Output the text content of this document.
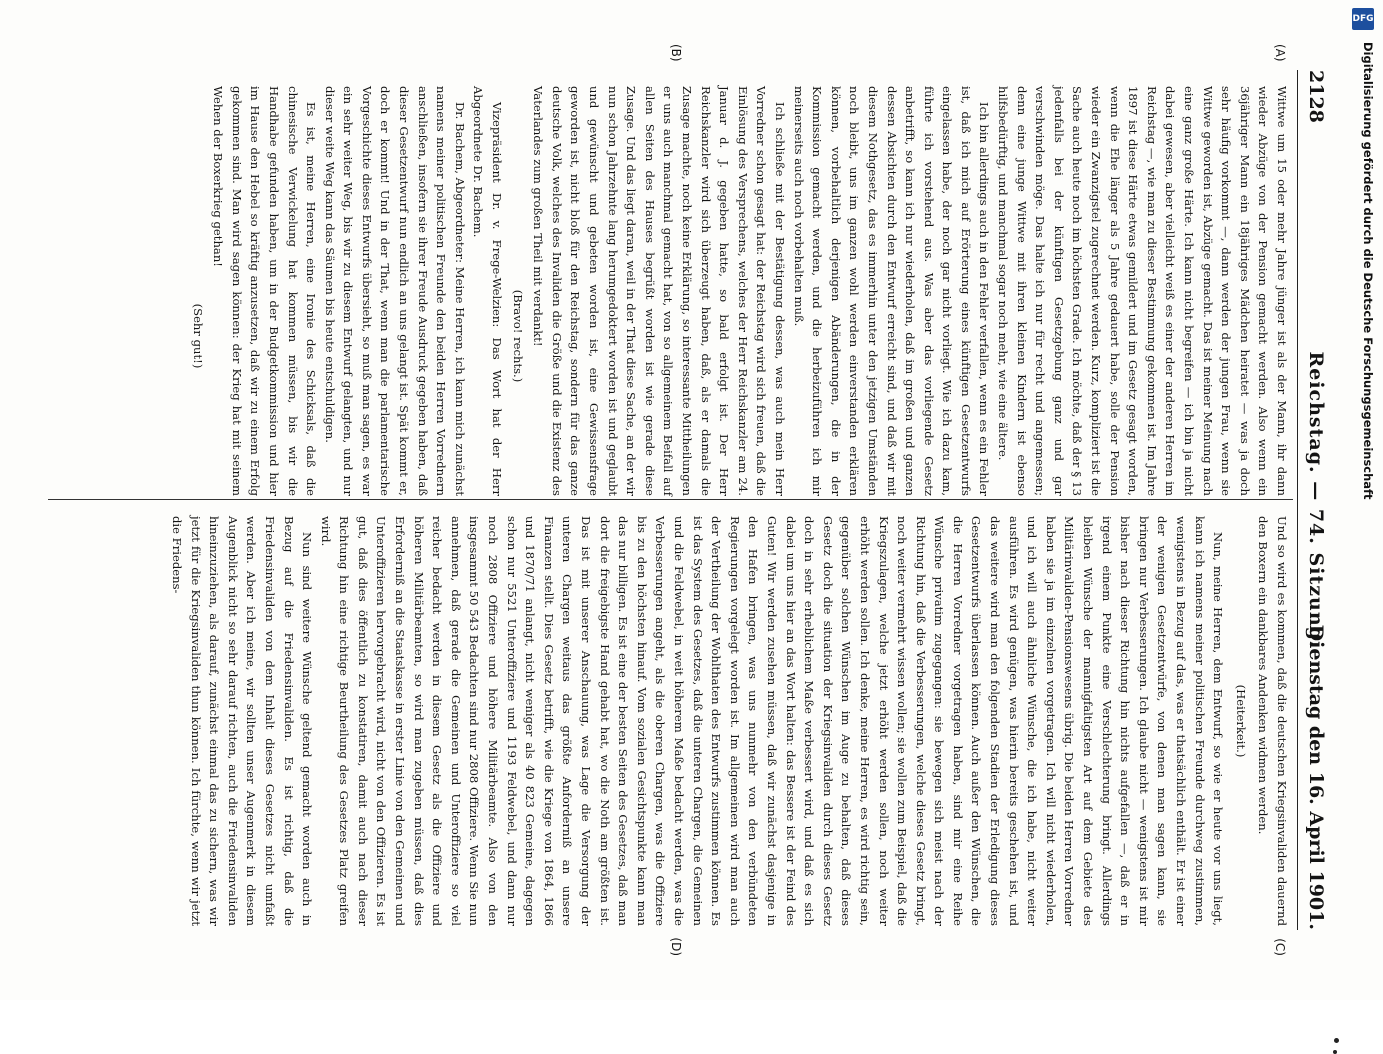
2128
Reichstag. — 74. Sitzung.
Dienstag den 16. April 1901.
(A)
(B)
(C)
(D)

Wittwe um 15 oder mehr Jahre jünger ist als der Mann, ihr dann wieder Abzüge von der Pension gemacht werden. Also wenn ein 36jähriger Mann ein 18jähriges Mädchen heiratet — was ja doch sehr häufig vorkommt —, dann werden der jungen Frau, wenn sie Wittwe geworden ist, Abzüge gemacht. Das ist meiner Meinung nach eine ganz große Härte. Ich kann nicht begreifen — ich bin ja nicht dabei gewesen, aber vielleicht weiß es einer der anderen Herren im Reichstag —, wie man zu dieser Bestimmung gekommen ist. Im Jahre 1897 ist diese Härte etwas gemildert und im Gesetz gesagt worden, wenn die Ehe länger als 5 Jahre gedauert habe, solle der Pension wieder ein Zwanzigstel zugerechnet werden. Kurz, kompliziert ist die Sache auch heute noch im höchsten Grade. Ich möchte, daß der § 13 jedenfalls bei der künftigen Gesetzgebung ganz und gar verschwinden möge. Das halte ich nur für recht und angemessen; denn eine junge Wittwe mit ihren kleinen Kindern ist ebenso hilfsbedürftig, und manchmal sogar noch mehr, wie eine ältere.

Ich bin allerdings auch in den Fehler verfallen, wenn es ein Fehler ist, daß ich mich auf Erörterung eines künftigen Gesetzentwurfs eingelassen habe, der noch gar nicht vorliegt. Wie ich dazu kam, führte ich vorstehend aus. Was aber das vorliegende Gesetz anbetrifft, so kann ich nur wiederholen, daß im großen und ganzen dessen Absichten durch den Entwurf erreicht sind, und daß wir mit diesem Nothgesetz, das es immerhin unter den jetzigen Umständen noch bleibt, uns im ganzen wohl werden einverstanden erklären können, vorbehaltlich derjenigen Abänderungen, die in der Kommission gemacht werden, und die herbeizuführen ich mir meinerseits auch noch vorbehalten muß.

Ich schließe mit der Bestätigung dessen, was auch mein Herr Vorredner schon gesagt hat: der Reichstag wird sich freuen, daß die Einlösung des Versprechens, welches der Herr Reichskanzler am 24. Januar d. J. gegeben hatte, so bald erfolgt ist. Der Herr Reichskanzler wird sich überzeugt haben, daß, als er damals die Zusage machte, noch keine Erklärung, so interessante Mittheilungen er uns auch manchmal gemacht hat, von so allgemeinem Beifall auf allen Seiten des Hauses begrüßt worden ist wie gerade diese Zusage. Und das liegt daran, weil in der That diese Sache, an der wir nun schon Jahrzehnte lang herumgedoktert worden ist und geglaubt und gewünscht und gebeten worden ist, eine Gewissensfrage geworden ist, nicht bloß für den Reichstag, sondern für das ganze deutsche Volk, welches des Invaliden die Größe und die Existenz des Vaterlandes zum großen Theil mit verdankt!

(Bravo! rechts.)

Vizepräsident Dr. v. Frege-Welzien: Das Wort hat der Herr Abgeordnete Dr. Bachem.

Dr. Bachem, Abgeordneter: Meine Herren, ich kann mich zunächst namens meiner politischen Freunde den beiden Herren Vorrednern anschließen, insofern sie ihrer Freude Ausdruck gegeben haben, daß dieser Gesetzentwurf nun endlich an uns gelangt ist. Spät kommt er, doch er kommt! Und in der That, wenn man die parlamentarische Vorgeschichte dieses Entwurfs übersieht, so muß man sagen, es war ein sehr weiter Weg, bis wir zu diesem Entwurf gelangten, und nur dieser weite Weg kann das Säumen bis heute entschuldigen.

Es ist, meine Herren, eine Ironie des Schicksals, daß die chinesische Verwickelung hat kommen müssen, bis wir die Handhabe gefunden haben, um in der Budgetkommission und hier im Hause den Hebel so kräftig anzusetzen, daß wir zu einem Erfolg gekommen sind. Man wird sagen können: der Krieg hat mit seinem Wehen der Boxerkrieg gethan!

(Sehr gut!)

Und so wird es kommen, daß die deutschen Kriegsinvaliden dauernd den Boxern ein dankbares Andenken widmen werden.

(Heiterkeit.)

Nun, meine Herren, dem Entwurf, so wie er heute vor uns liegt, kann ich namens meiner politischen Freunde durchweg zustimmen, wenigstens in Bezug auf das, was er thatsächlich enthält. Er ist einer der wenigen Gesetzentwürfe, von denen man sagen kann, sie bringen nur Verbesserungen. Ich glaube nicht — wenigstens ist mir bisher nach dieser Richtung hin nichts aufgefallen —, daß er in irgend einem Punkte eine Verschlechterung bringt. Allerdings bleiben Wünsche der mannigfaltigsten Art auf dem Gebiete des Militärinvaliden-Pensionswesens übrig. Die beiden Herren Vorredner haben sie ja im einzelnen vorgetragen. Ich will nicht wiederholen, und ich will auch ähnliche Wünsche, die ich habe, nicht weiter ausführen. Es wird genügen, was hierin bereits geschehen ist, und das weitere wird man den folgenden Stadien der Erledigung dieses Gesetzentwurfs überlassen können. Auch außer den Wünschen, die die Herren Vorredner vorgetragen haben, sind mir eine Reihe Wünsche privatim zugegangen: sie bewegen sich meist nach der Richtung hin, daß die Verbesserungen, welche dieses Gesetz bringt, noch weiter vermehrt wissen wollen; sie wollen zum Beispiel, daß die Kriegszulagen, welche jetzt erhöht werden sollen, noch weiter erhöht werden sollen. Ich denke, meine Herren, es wird richtig sein, gegenüber solchen Wünschen im Auge zu behalten, daß dieses Gesetz doch die situation der Kriegsinvaliden durch dieses Gesetz doch in sehr erheblichem Maße verbessert wird, und daß es sich dabei um uns hier an das Wort halten: das Bessere ist der Feind des Guten! Wir werden zusehen müssen, daß wir zunächst dasjenige in den Hafen bringen, was uns nunmehr von den verbündeten Regierungen vorgelegt worden ist. Im allgemeinen wird man auch der Vertheilung der Wohlthaten des Entwurfs zustimmen können. Es ist das System des Gesetzes, daß die unteren Chargen, die Gemeinen und die Feldwebel, in weit höherem Maße bedacht werden, was die Verbesserungen angeht, als die oberen Chargen, was die Offiziere bis zu den höchsten hinauf. Vom sozialen Gesichtspunkte kann man das nur billigen. Es ist eine der besten Seiten des Gesetzes, daß man dort die freigebigste Hand gehabt hat, wo die Noth am größten ist. Das ist mit unserer Anschauung, was Lage die Versorgung der unteren Chargen weitaus das größte Anforderniß an unsere Finanzen stellt. Dies Gesetz betrifft, wie die Kriege von 1864, 1866 und 1870/71 anlangt, nicht weniger als 40 823 Gemeine, dagegen schon nur 5521 Unteroffiziere und 1193 Feldwebel, und dann nur noch 2808 Offiziere und höhere Militärbeamte. Also von den insgesammt 50 543 Bedachten sind nur 2808 Offiziere. Wenn Sie nun annehmen, daß gerade die Gemeinen und Unteroffiziere so viel reicher bedacht werden in diesem Gesetz als die Offiziere und höheren Militärbeamten, so wird man zugeben müssen, daß dies Erforderniß an die Staatskasse in erster Linie von den Gemeinen und Unteroffizieren hervorgebracht wird, nicht von den Offizieren. Es ist gut, daß dies öffentlich zu konstatiren, damit auch nach dieser Richtung hin eine richtige Beurtheilung des Gesetzes Platz greifen wird.

Nun sind weitere Wünsche geltend gemacht worden auch in Bezug auf die Friedensinvaliden. Es ist richtig, daß die Friedensinvaliden von dem Inhalt dieses Gesetzes nicht umfaßt werden. Aber ich meine, wir sollten unser Augenmerk in diesem Augenblick nicht so sehr darauf richten, auch die Friedensinvaliden hineinzuziehen, als darauf, zunächst einmal das zu sichern, was wir jetzt für die Kriegsinvaliden thun können. Ich fürchte, wenn wir jetzt die Friedens-

DFG
Digitalisierung gefördert durch die Deutsche Forschungsgemeinschaft
